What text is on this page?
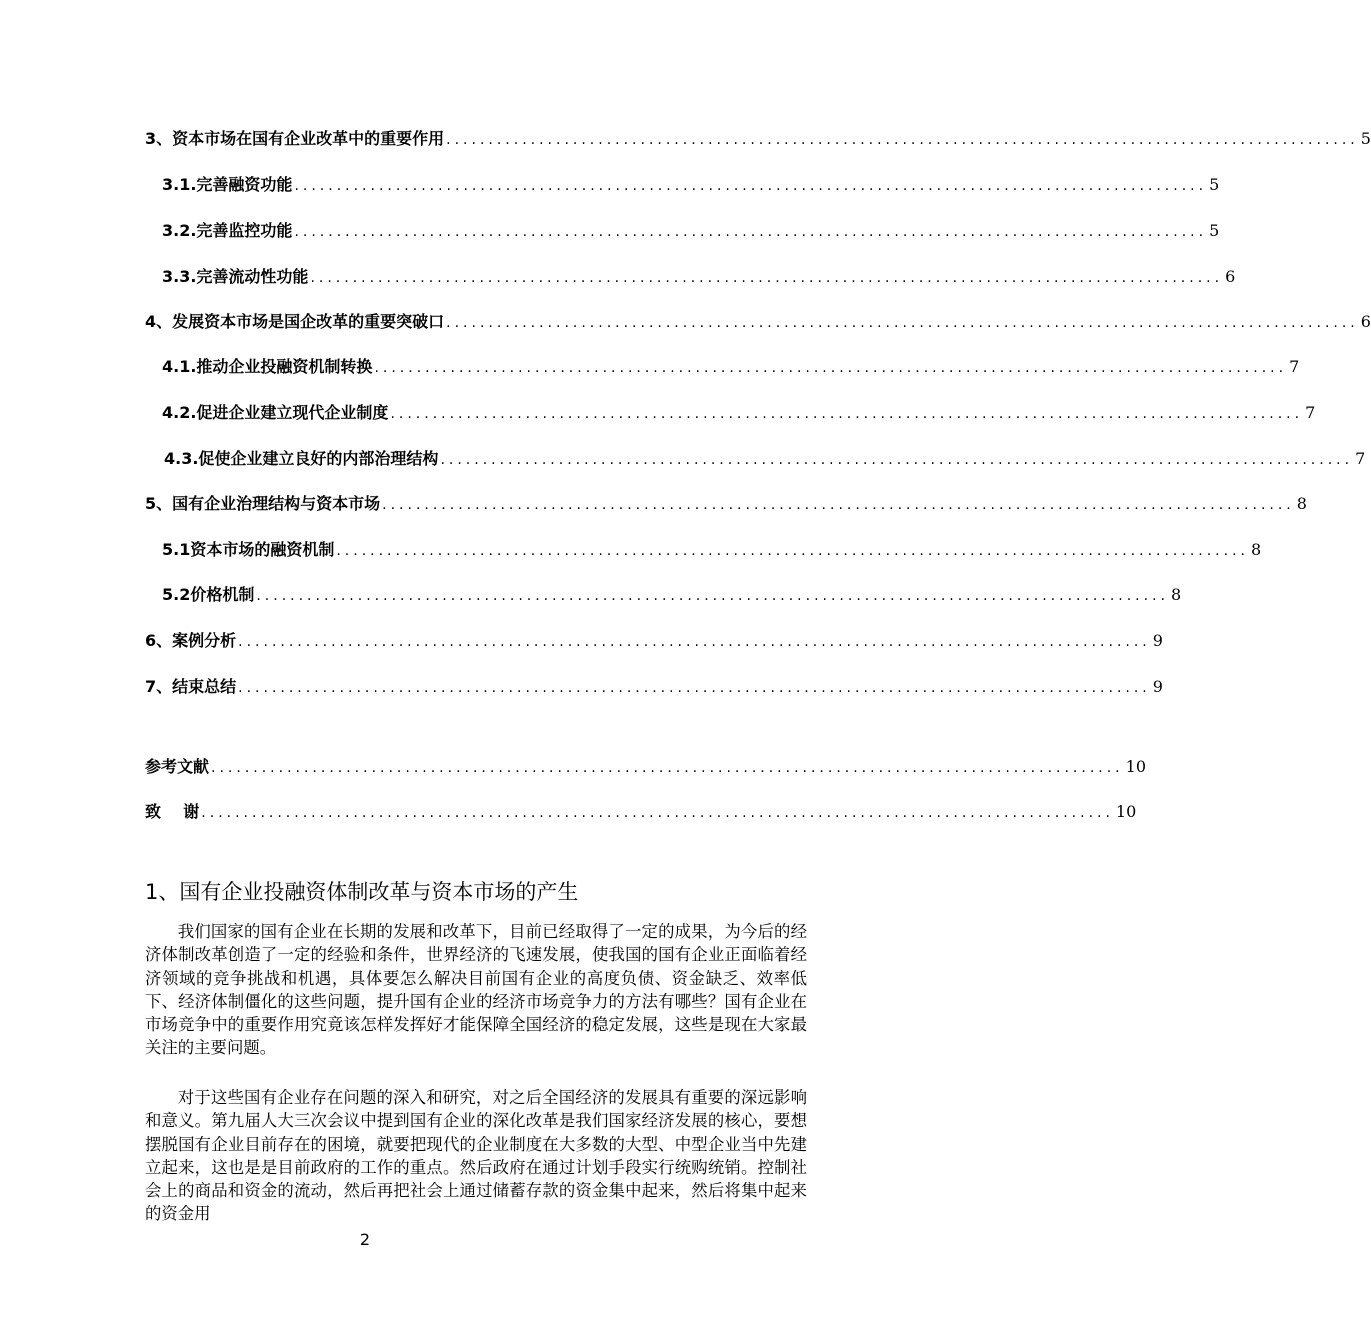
3、资本市场在国有企业改革中的重要作用 ............................................................................................................ 5
3.1.完善融资功能 ............................................................................................................ 5
3.2.完善监控功能 ............................................................................................................ 5
3.3.完善流动性功能 ............................................................................................................ 6
4、发展资本市场是国企改革的重要突破口 ............................................................................................................ 6
4.1.推动企业投融资机制转换 ............................................................................................................ 7
4.2.促进企业建立现代企业制度 ............................................................................................................ 7
4.3.促使企业建立良好的内部治理结构 ............................................................................................................ 7
5、国有企业治理结构与资本市场 ............................................................................................................ 8
5.1资本市场的融资机制 ............................................................................................................ 8
5.2价格机制 ............................................................................................................ 8
6、案例分析 ............................................................................................................ 9
7、结束总结 ............................................................................................................ 9
参考文献 ............................................................................................................ 10
致    谢 ............................................................................................................ 10
1、国有企业投融资体制改革与资本市场的产生
我们国家的国有企业在长期的发展和改革下，目前已经取得了一定的成果，为今后的经济体制改革创造了一定的经验和条件，世界经济的飞速发展，使我国的国有企业正面临着经济领域的竞争挑战和机遇，具体要怎么解决目前国有企业的高度负债、资金缺乏、效率低下、经济体制僵化的这些问题，提升国有企业的经济市场竞争力的方法有哪些？国有企业在市场竞争中的重要作用究竟该怎样发挥好才能保障全国经济的稳定发展，这些是现在大家最关注的主要问题。
对于这些国有企业存在问题的深入和研究，对之后全国经济的发展具有重要的深远影响和意义。第九届人大三次会议中提到国有企业的深化改革是我们国家经济发展的核心，要想摆脱国有企业目前存在的困境，就要把现代的企业制度在大多数的大型、中型企业当中先建立起来，这也是是目前政府的工作的重点。然后政府在通过计划手段实行统购统销。控制社会上的商品和资金的流动，然后再把社会上通过储蓄存款的资金集中起来，然后将集中起来的资金用
2
